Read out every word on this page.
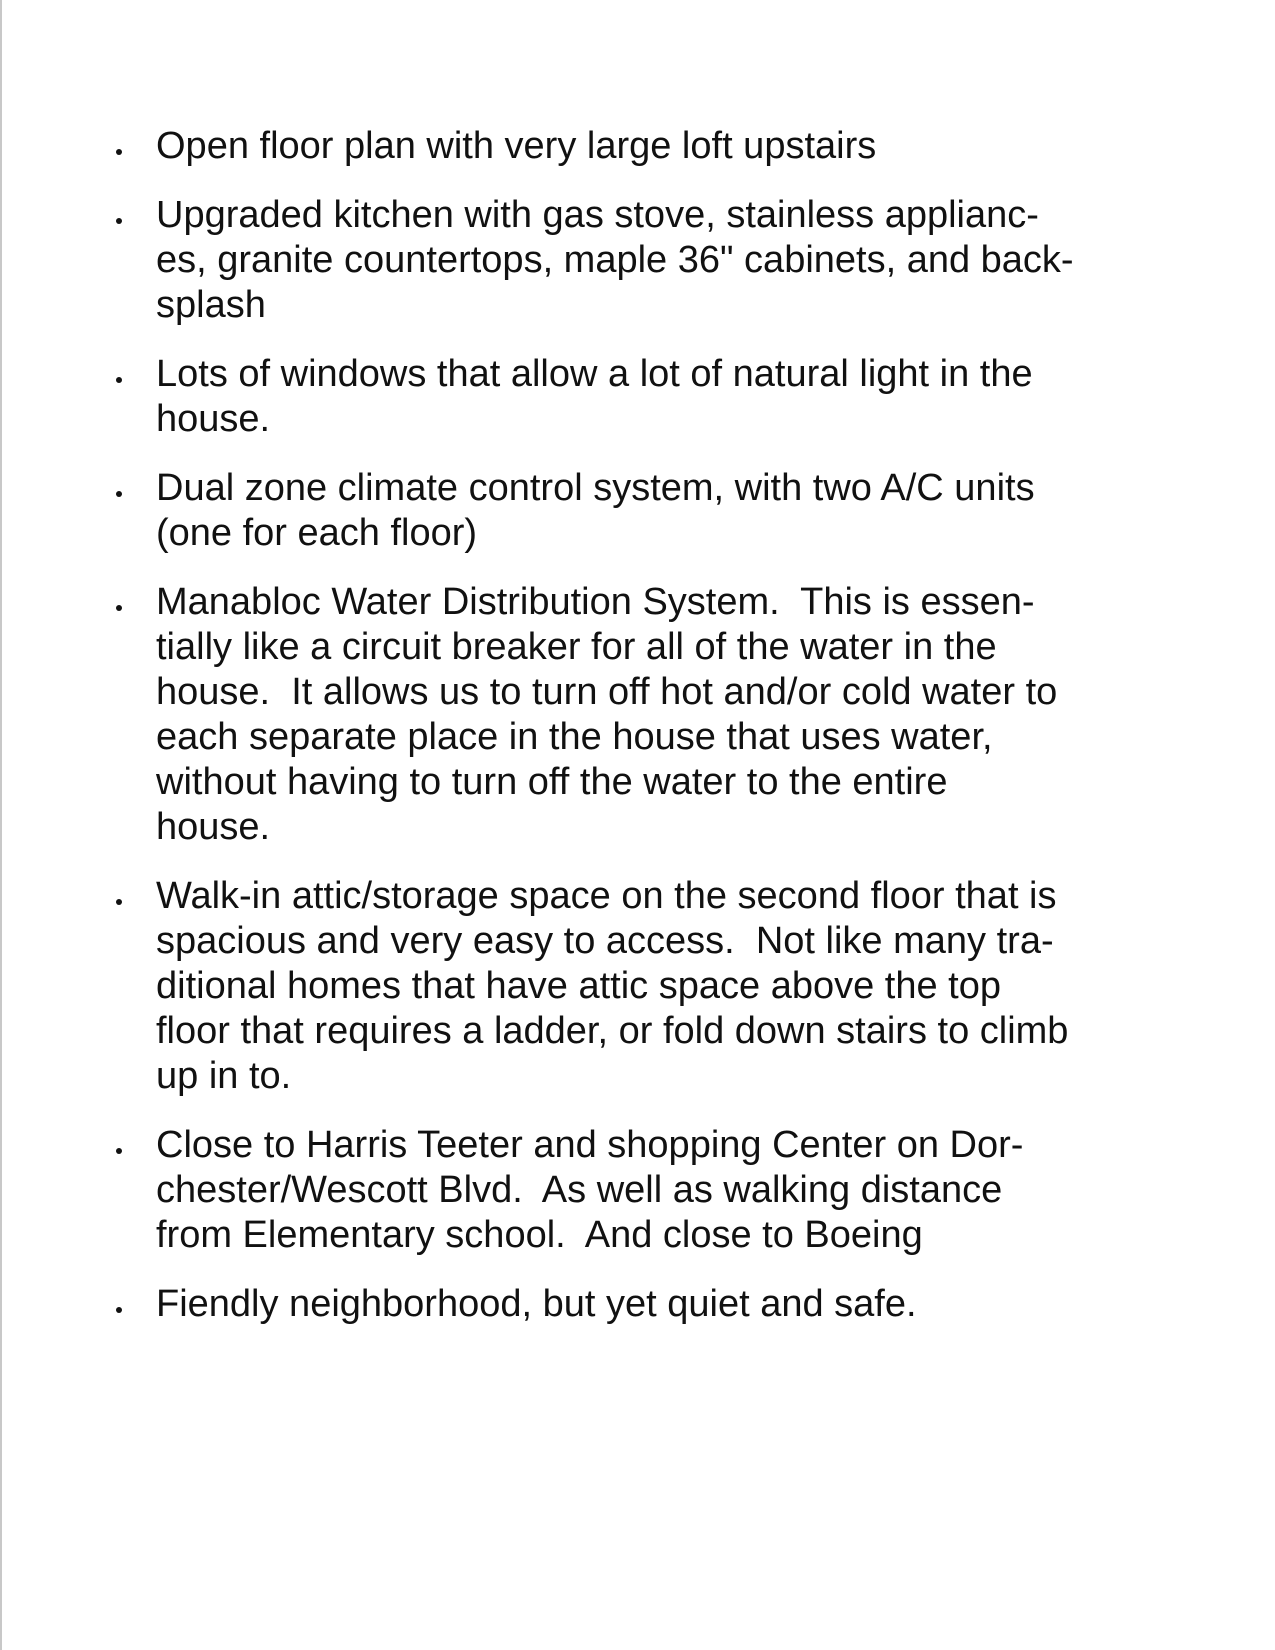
Open floor plan with very large loft upstairs
Upgraded kitchen with gas stove, stainless applianc-
es, granite countertops, maple 36" cabinets, and back-
splash
Lots of windows that allow a lot of natural light in the
house.
Dual zone climate control system, with two A/C units
(one for each floor)
Manabloc Water Distribution System.  This is essen-
tially like a circuit breaker for all of the water in the
house.  It allows us to turn off hot and/or cold water to
each separate place in the house that uses water,
without having to turn off the water to the entire
house.
Walk-in attic/storage space on the second floor that is
spacious and very easy to access.  Not like many tra-
ditional homes that have attic space above the top
floor that requires a ladder, or fold down stairs to climb
up in to.
Close to Harris Teeter and shopping Center on Dor-
chester/Wescott Blvd.  As well as walking distance
from Elementary school.  And close to Boeing
Fiendly neighborhood, but yet quiet and safe.
